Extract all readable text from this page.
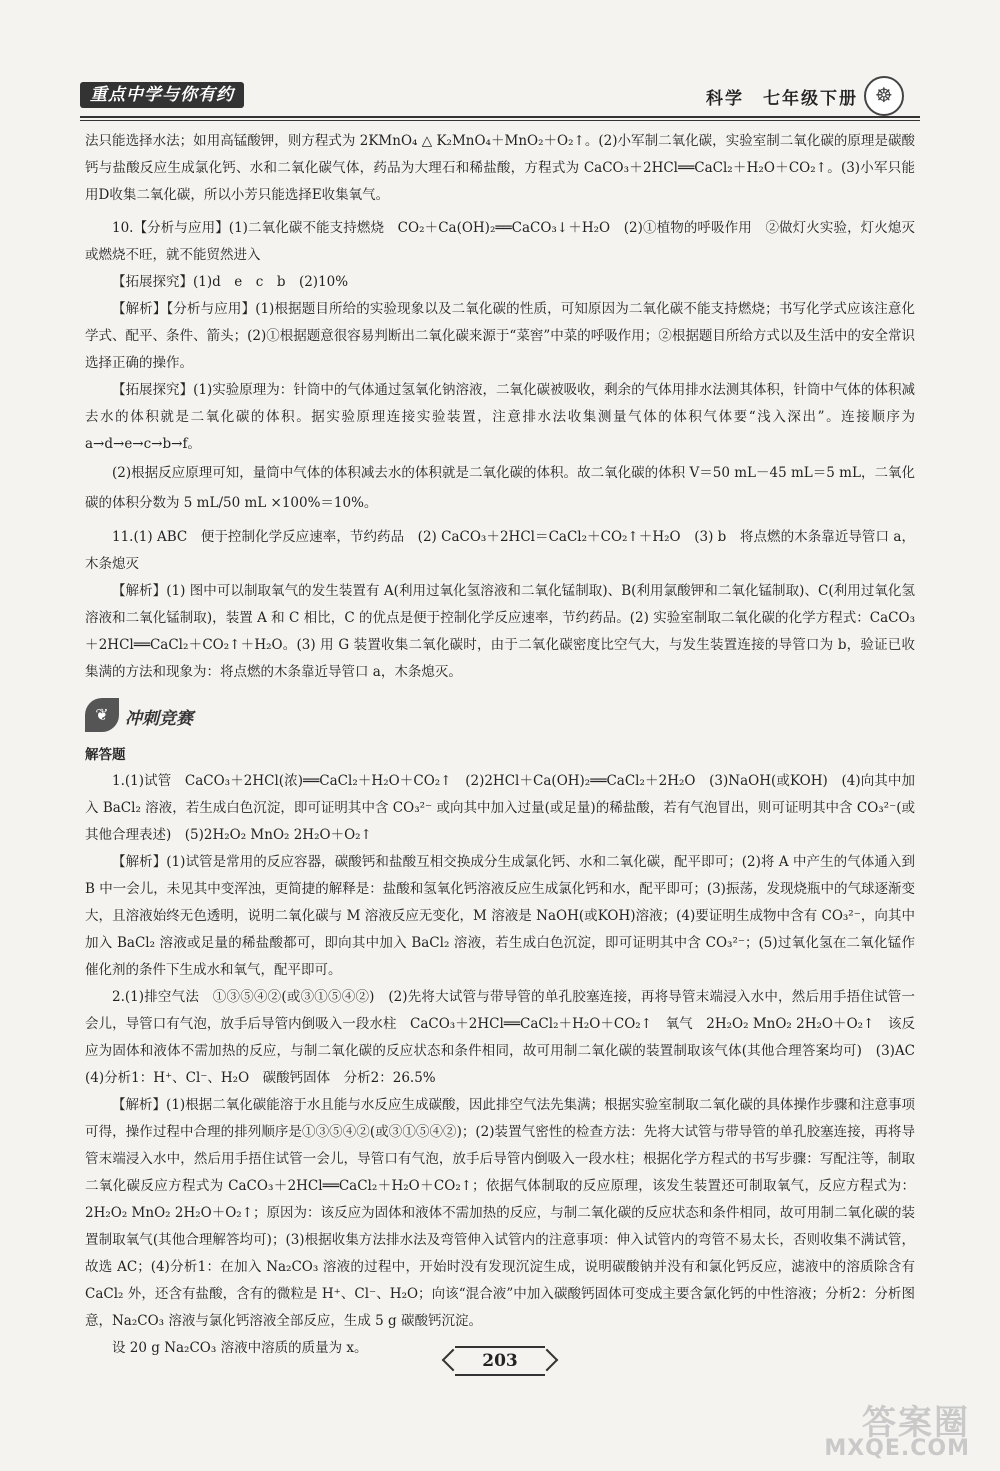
重点中学与你有约	科学　七年级下册 ☸

法只能选择水法；如用高锰酸钾，则方程式为 2KMnO₄ △ K₂MnO₄＋MnO₂＋O₂↑。(2)小军制二氧化碳，实验室制二氧化碳的原理是碳酸钙与盐酸反应生成氯化钙、水和二氧化碳气体，药品为大理石和稀盐酸，方程式为 CaCO₃＋2HCl══CaCl₂＋H₂O＋CO₂↑。(3)小军只能用D收集二氧化碳，所以小芳只能选择E收集氧气。

10.【分析与应用】(1)二氧化碳不能支持燃烧　CO₂＋Ca(OH)₂══CaCO₃↓＋H₂O　(2)①植物的呼吸作用　②做灯火实验，灯火熄灭或燃烧不旺，就不能贸然进入

【拓展探究】(1)d　e　c　b　(2)10%

【解析】【分析与应用】(1)根据题目所给的实验现象以及二氧化碳的性质，可知原因为二氧化碳不能支持燃烧；书写化学式应该注意化学式、配平、条件、箭头；(2)①根据题意很容易判断出二氧化碳来源于“菜窖”中菜的呼吸作用；②根据题目所给方式以及生活中的安全常识选择正确的操作。

【拓展探究】(1)实验原理为：针筒中的气体通过氢氧化钠溶液，二氧化碳被吸收，剩余的气体用排水法测其体积，针筒中气体的体积减去水的体积就是二氧化碳的体积。据实验原理连接实验装置，注意排水法收集测量气体的体积气体要“浅入深出”。连接顺序为 a→d→e→c→b→f。

(2)根据反应原理可知，量筒中气体的体积减去水的体积就是二氧化碳的体积。故二氧化碳的体积 V＝50 mL－45 mL＝5 mL，二氧化碳的体积分数为 5 mL/50 mL ×100%＝10%。

11.(1) ABC　便于控制化学反应速率，节约药品　(2) CaCO₃＋2HCl＝CaCl₂＋CO₂↑＋H₂O　(3) b　将点燃的木条靠近导管口 a，木条熄灭

【解析】(1) 图中可以制取氧气的发生装置有 A(利用过氧化氢溶液和二氧化锰制取)、B(利用氯酸钾和二氧化锰制取)、C(利用过氧化氢溶液和二氧化锰制取)，装置 A 和 C 相比，C 的优点是便于控制化学反应速率，节约药品。(2) 实验室制取二氧化碳的化学方程式：CaCO₃＋2HCl══CaCl₂＋CO₂↑＋H₂O。(3) 用 G 装置收集二氧化碳时，由于二氧化碳密度比空气大，与发生装置连接的导管口为 b，验证已收集满的方法和现象为：将点燃的木条靠近导管口 a，木条熄灭。

❦ 冲刺竞赛

解答题

1.(1)试管　CaCO₃＋2HCl(浓)══CaCl₂＋H₂O＋CO₂↑　(2)2HCl＋Ca(OH)₂══CaCl₂＋2H₂O　(3)NaOH(或KOH)　(4)向其中加入 BaCl₂ 溶液，若生成白色沉淀，即可证明其中含 CO₃²⁻ 或向其中加入过量(或足量)的稀盐酸，若有气泡冒出，则可证明其中含 CO₃²⁻(或其他合理表述)　(5)2H₂O₂ MnO₂ 2H₂O＋O₂↑

【解析】(1)试管是常用的反应容器，碳酸钙和盐酸互相交换成分生成氯化钙、水和二氧化碳，配平即可；(2)将 A 中产生的气体通入到 B 中一会儿，未见其中变浑浊，更简捷的解释是：盐酸和氢氧化钙溶液反应生成氯化钙和水，配平即可；(3)振荡，发现烧瓶中的气球逐渐变大，且溶液始终无色透明，说明二氧化碳与 M 溶液反应无变化，M 溶液是 NaOH(或KOH)溶液；(4)要证明生成物中含有 CO₃²⁻，向其中加入 BaCl₂ 溶液或足量的稀盐酸都可，即向其中加入 BaCl₂ 溶液，若生成白色沉淀，即可证明其中含 CO₃²⁻；(5)过氧化氢在二氧化锰作催化剂的条件下生成水和氧气，配平即可。

2.(1)排空气法　①③⑤④②(或③①⑤④②)　(2)先将大试管与带导管的单孔胶塞连接，再将导管末端浸入水中，然后用手捂住试管一会儿，导管口有气泡，放手后导管内倒吸入一段水柱　CaCO₃＋2HCl══CaCl₂＋H₂O＋CO₂↑　氧气　2H₂O₂ MnO₂ 2H₂O＋O₂↑　该反应为固体和液体不需加热的反应，与制二氧化碳的反应状态和条件相同，故可用制二氧化碳的装置制取该气体(其他合理答案均可)　(3)AC　(4)分析1：H⁺、Cl⁻、H₂O　碳酸钙固体　分析2：26.5%

【解析】(1)根据二氧化碳能溶于水且能与水反应生成碳酸，因此排空气法先集满；根据实验室制取二氧化碳的具体操作步骤和注意事项可得，操作过程中合理的排列顺序是①③⑤④②(或③①⑤④②)；(2)装置气密性的检查方法：先将大试管与带导管的单孔胶塞连接，再将导管末端浸入水中，然后用手捂住试管一会儿，导管口有气泡，放手后导管内倒吸入一段水柱；根据化学方程式的书写步骤：写配注等，制取二氧化碳反应方程式为 CaCO₃＋2HCl══CaCl₂＋H₂O＋CO₂↑；依据气体制取的反应原理，该发生装置还可制取氧气，反应方程式为：2H₂O₂ MnO₂ 2H₂O＋O₂↑；原因为：该反应为固体和液体不需加热的反应，与制二氧化碳的反应状态和条件相同，故可用制二氧化碳的装置制取氧气(其他合理解答均可)；(3)根据收集方法排水法及弯管伸入试管内的注意事项：伸入试管内的弯管不易太长，否则收集不满试管，故选 AC；(4)分析1：在加入 Na₂CO₃ 溶液的过程中，开始时没有发现沉淀生成，说明碳酸钠并没有和氯化钙反应，滤液中的溶质除含有 CaCl₂ 外，还含有盐酸，含有的微粒是 H⁺、Cl⁻、H₂O；向该“混合液”中加入碳酸钙固体可变成主要含氯化钙的中性溶液；分析2：分析图意，Na₂CO₃ 溶液与氯化钙溶液全部反应，生成 5 g 碳酸钙沉淀。

设 20 g Na₂CO₃ 溶液中溶质的质量为 x。

203
答案圈
MXQE.COM
